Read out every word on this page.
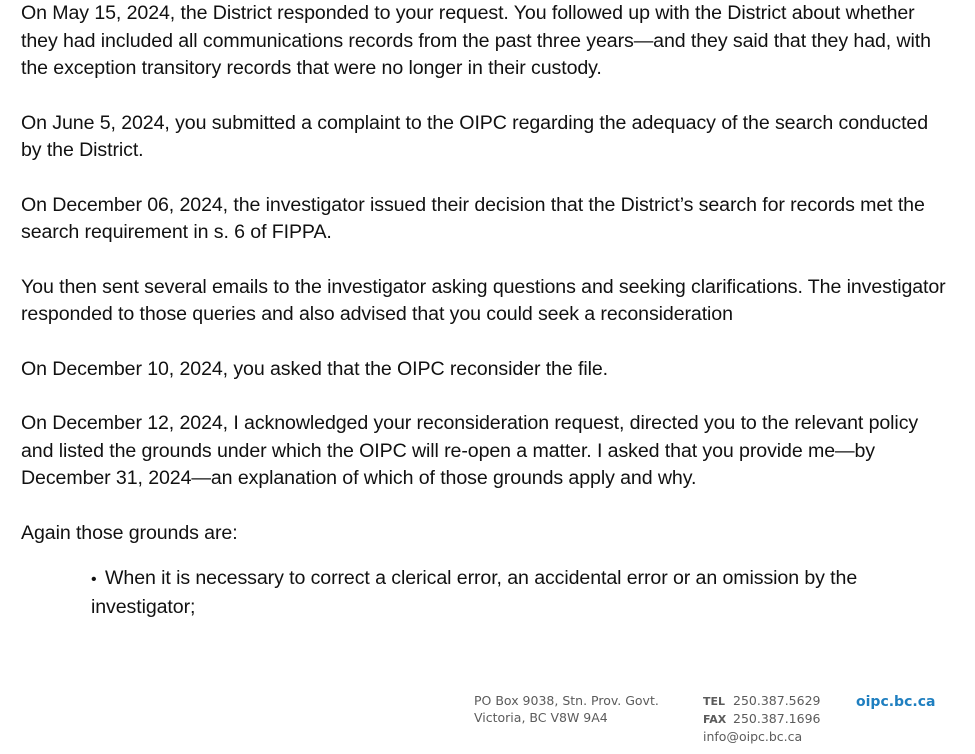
On May 15, 2024, the District responded to your request. You followed up with the District about whether they had included all communications records from the past three years—and they said that they had, with the exception transitory records that were no longer in their custody.

On June 5, 2024, you submitted a complaint to the OIPC regarding the adequacy of the search conducted by the District.

On December 06, 2024, the investigator issued their decision that the District’s search for records met the search requirement in s. 6 of FIPPA.

You then sent several emails to the investigator asking questions and seeking clarifications. The investigator responded to those queries and also advised that you could seek a reconsideration

On December 10, 2024, you asked that the OIPC reconsider the file.

On December 12, 2024, I acknowledged your reconsideration request, directed you to the relevant policy and listed the grounds under which the OIPC will re-open a matter. I asked that you provide me—by December 31, 2024—an explanation of which of those grounds apply and why.

Again those grounds are:

• When it is necessary to correct a clerical error, an accidental error or an omission by the investigator;
PO Box 9038, Stn. Prov. Govt.
Victoria, BC V8W 9A4
TEL 250.387.5629
FAX 250.387.1696
info@oipc.bc.ca
oipc.bc.ca
